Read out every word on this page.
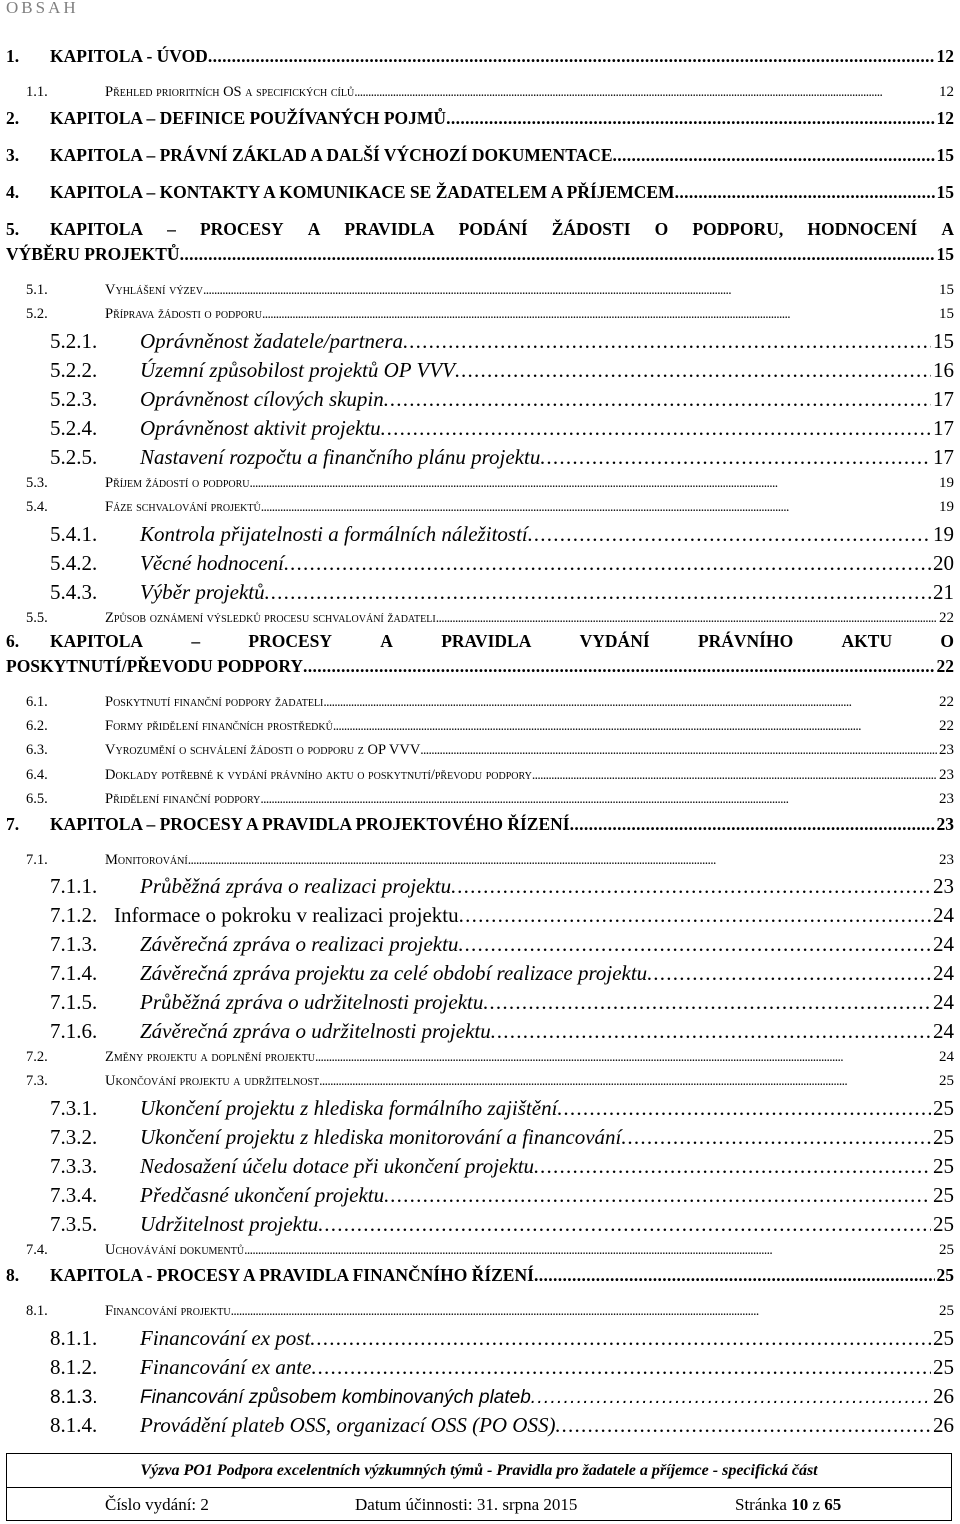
OBSAH
1.	KAPITOLA - ÚVOD . . .	12
1.1.	Přehled prioritních OS a specifických cílů . . .	12
2.	KAPITOLA – DEFINICE POUŽÍVANÝCH POJMŮ . . .	12
3.	KAPITOLA – PRÁVNÍ ZÁKLAD A DALŠÍ VÝCHOZÍ DOKUMENTACE . . .	15
4.	KAPITOLA – KONTAKTY A KOMUNIKACE SE ŽADATELEM A PŘÍJEMCEM . . .	15
5.	KAPITOLA – PROCESY A PRAVIDLA PODÁNÍ ŽÁDOSTI O PODPORU, HODNOCENÍ A
VÝBĚRU PROJEKTŮ . . .	15
5.1.	Vyhlášení výzev . . .	15
5.2.	Příprava žádosti o podporu . . .	15
5.2.1.	Oprávněnost žadatele/partnera . . .	15
5.2.2.	Územní způsobilost projektů OP VVV . . .	16
5.2.3.	Oprávněnost cílových skupin . . .	17
5.2.4.	Oprávněnost aktivit projektu . . .	17
5.2.5.	Nastavení rozpočtu a finančního plánu projektu . . .	17
5.3.	Příjem žádostí o podporu . . .	19
5.4.	Fáze schvalování projektů . . .	19
5.4.1.	Kontrola přijatelnosti a formálních náležitostí . . .	19
5.4.2.	Věcné hodnocení . . .	20
5.4.3.	Výběr projektů . . .	21
5.5.	Způsob oznámení výsledků procesu schvalování žadateli . . .	22
6.	KAPITOLA	–	PROCESY	A	PRAVIDLA	VYDÁNÍ	PRÁVNÍHO	AKTU	O
POSKYTNUTÍ/PŘEVODU PODPORY . . .	22
6.1.	Poskytnutí finanční podpory žadateli . . .	22
6.2.	Formy přidělení finančních prostředků . . .	22
6.3.	Vyrozumění o schválení žádosti o podporu z OP VVV . . .	23
6.4.	Doklady potřebné k vydání právního aktu o poskytnutí/převodu podpory . . .	23
6.5.	Přidělení finanční podpory . . .	23
7.	KAPITOLA – PROCESY A PRAVIDLA PROJEKTOVÉHO ŘÍZENÍ . . .	23
7.1.	Monitorování . . .	23
7.1.1.	Průběžná zpráva o realizaci projektu . . .	23
7.1.2. Informace o pokroku v realizaci projektu . . .	24
7.1.3.	Závěrečná zpráva o realizaci projektu . . .	24
7.1.4.	Závěrečná zpráva projektu za celé období realizace projektu . . .	24
7.1.5.	Průběžná zpráva o udržitelnosti projektu . . .	24
7.1.6.	Závěrečná zpráva o udržitelnosti projektu . . .	24
7.2.	Změny projektu a doplnění projektu . . .	24
7.3.	Ukončování projektu a udržitelnost . . .	25
7.3.1.	Ukončení projektu z hlediska formálního zajištění . . .	25
7.3.2.	Ukončení projektu z hlediska monitorování a financování . . .	25
7.3.3.	Nedosažení účelu dotace při ukončení projektu . . .	25
7.3.4.	Předčasné ukončení projektu . . .	25
7.3.5.	Udržitelnost projektu . . .	25
7.4.	Uchovávání dokumentů . . .	25
8.	KAPITOLA - PROCESY A PRAVIDLA FINANČNÍHO ŘÍZENÍ . . .	25
8.1.	Financování projektu . . .	25
8.1.1.	Financování ex post . . .	25
8.1.2.	Financování ex ante . . .	25
8.1.3.	Financování způsobem kombinovaných plateb . . .	26
8.1.4.	Provádění plateb OSS, organizací OSS (PO OSS) . . .	26
Výzva PO1 Podpora excelentních výzkumných týmů - Pravidla pro žadatele a příjemce - specifická část
Číslo vydání: 2	Datum účinnosti: 31. srpna 2015	Stránka 10 z 65
